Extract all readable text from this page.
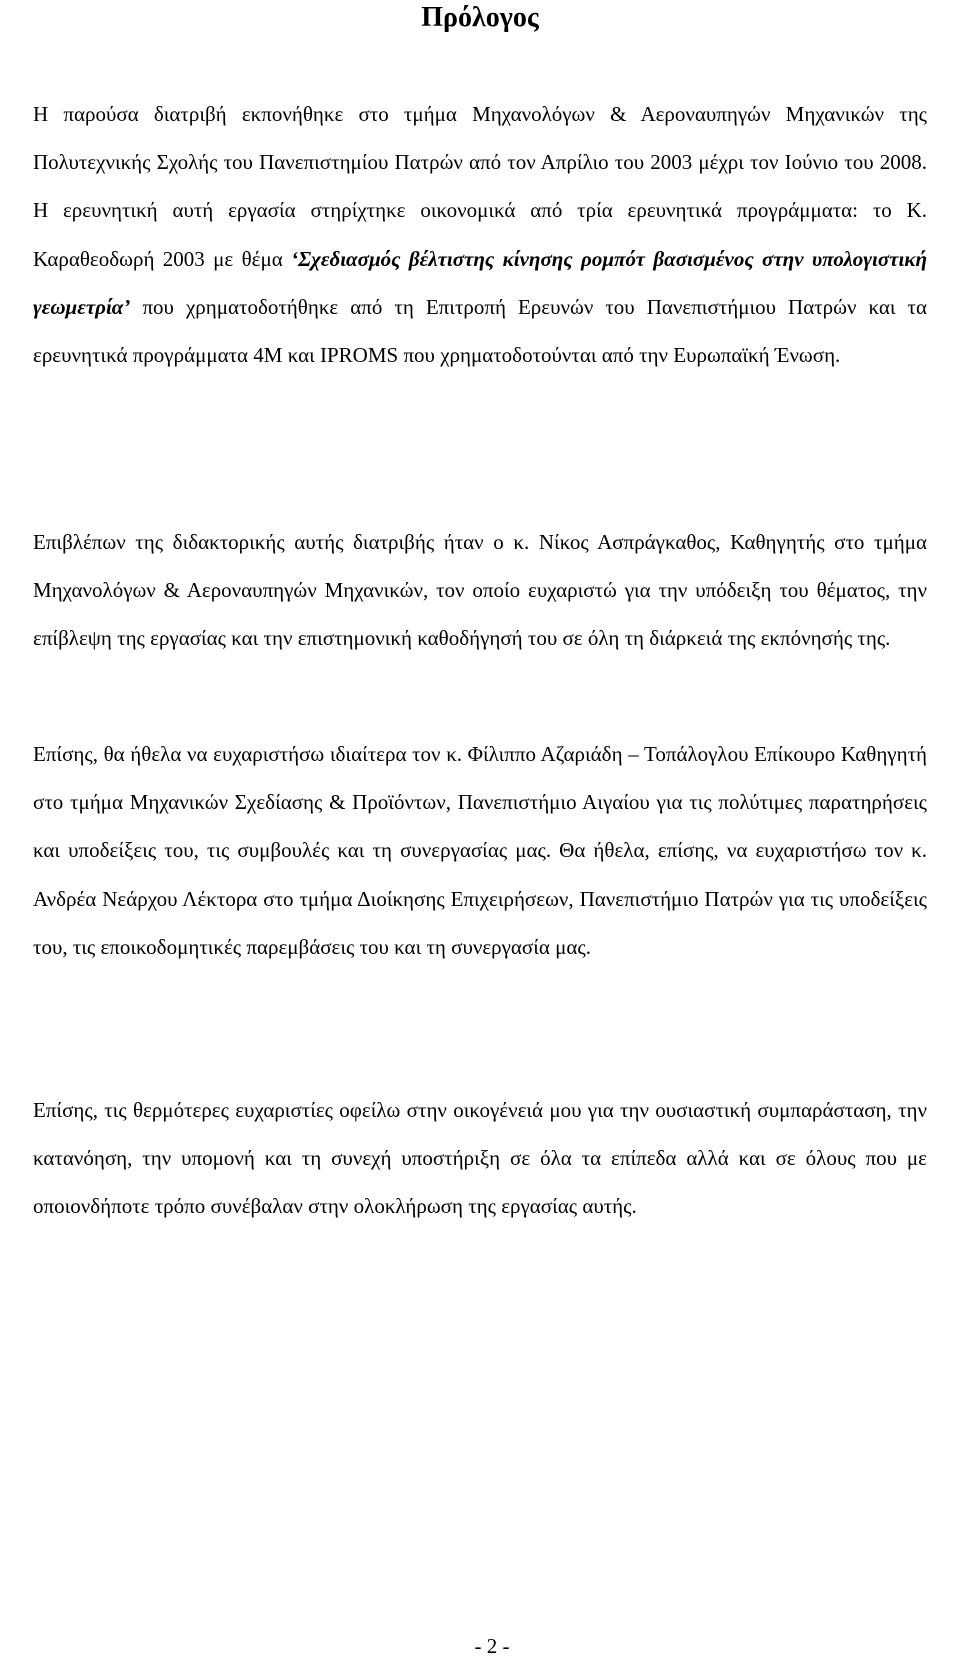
Πρόλογος

Η παρούσα διατριβή εκπονήθηκε στο τμήμα Μηχανολόγων & Αεροναυπηγών Μηχανικών της Πολυτεχνικής Σχολής του Πανεπιστημίου Πατρών από τον Απρίλιο του 2003 μέχρι τον Ιούνιο του 2008. Η ερευνητική αυτή εργασία στηρίχτηκε οικονομικά από τρία ερευνητικά προγράμματα: το Κ. Καραθεοδωρή 2003 με θέμα ‘Σχεδιασμός βέλτιστης κίνησης ρομπότ βασισμένος στην υπολογιστική γεωμετρία’ που χρηματοδοτήθηκε από τη Επιτροπή Ερευνών του Πανεπιστήμιου Πατρών και τα ερευνητικά προγράμματα 4M και IPROMS που χρηματοδοτούνται από την Ευρωπαϊκή Ένωση.

Επιβλέπων της διδακτορικής αυτής διατριβής ήταν ο κ. Νίκος Ασπράγκαθος, Καθηγητής στο τμήμα Μηχανολόγων & Αεροναυπηγών Μηχανικών, τον οποίο ευχαριστώ για την υπόδειξη του θέματος, την επίβλεψη της εργασίας και την επιστημονική καθοδήγησή του σε όλη τη διάρκειά της εκπόνησής της.

Επίσης, θα ήθελα να ευχαριστήσω ιδιαίτερα τον κ. Φίλιππο Αζαριάδη – Τοπάλογλου Επίκουρο Καθηγητή στο τμήμα Μηχανικών Σχεδίασης & Προϊόντων, Πανεπιστήμιο Αιγαίου για τις πολύτιμες παρατηρήσεις και υποδείξεις του, τις συμβουλές και τη συνεργασίας μας. Θα ήθελα, επίσης, να ευχαριστήσω τον κ. Ανδρέα Νεάρχου Λέκτορα στο τμήμα Διοίκησης Επιχειρήσεων, Πανεπιστήμιο Πατρών για τις υποδείξεις του, τις εποικοδομητικές παρεμβάσεις του και τη συνεργασία μας.

Επίσης, τις θερμότερες ευχαριστίες οφείλω στην οικογένειά μου για την ουσιαστική συμπαράσταση, την κατανόηση, την υπομονή και τη συνεχή υποστήριξη σε όλα τα επίπεδα αλλά και σε όλους που με οποιονδήποτε τρόπο συνέβαλαν στην ολοκλήρωση της εργασίας αυτής.

- 2 -
